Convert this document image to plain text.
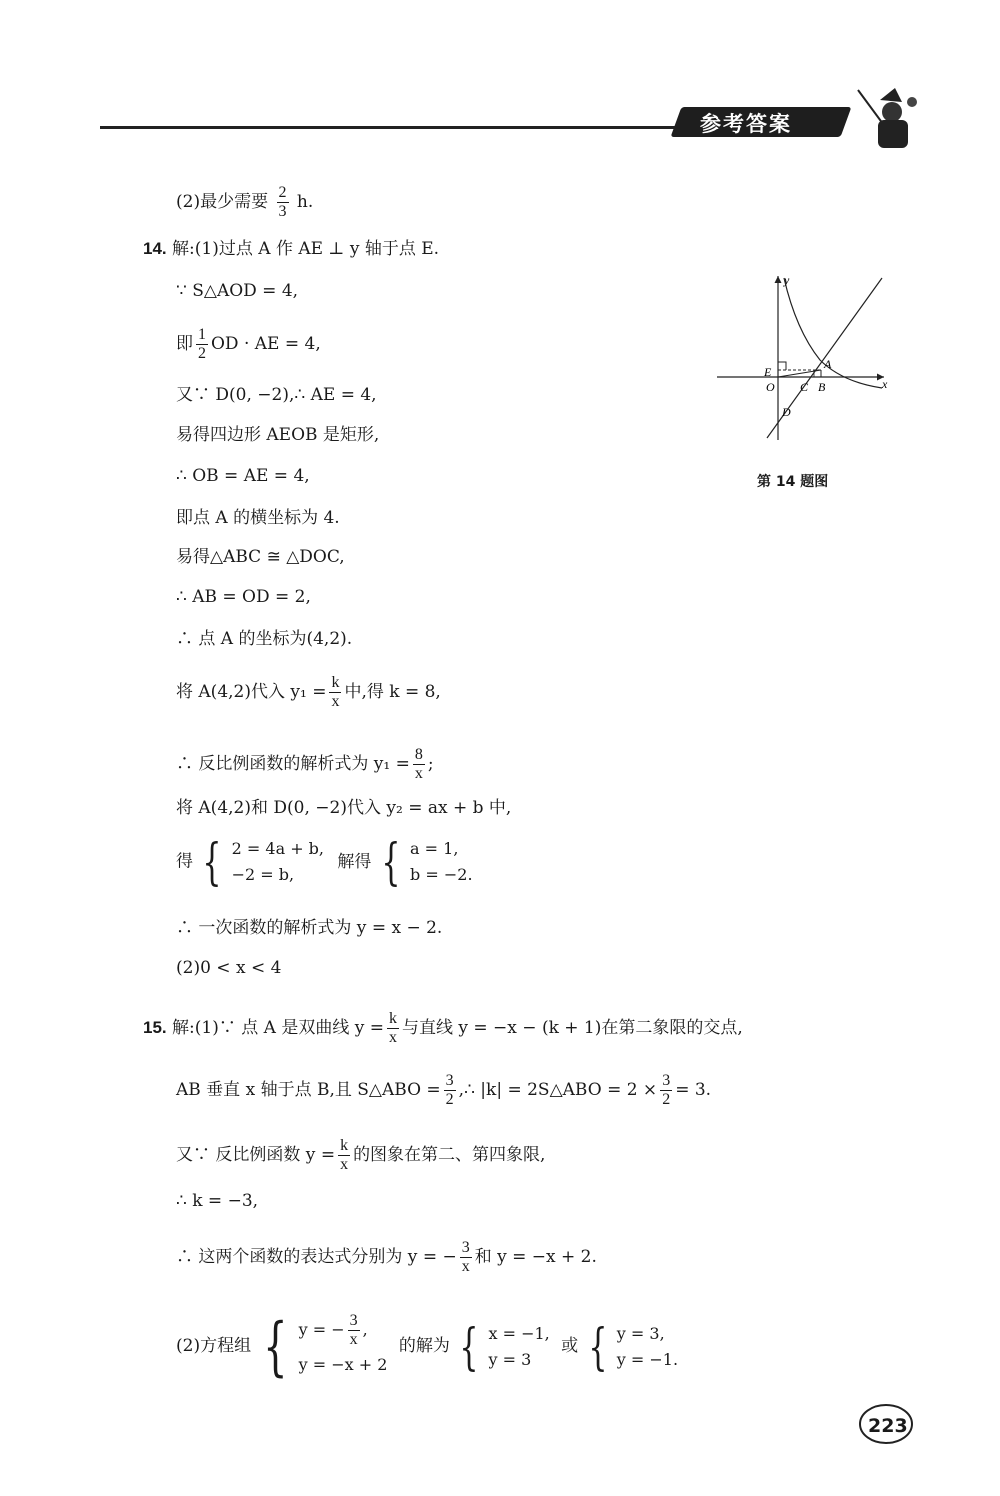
参考答案
(2)最少需要 $\frac{2}{3} h$.
14. 解:(1)过点 A 作 AE ⊥ y 轴于点 E.
∵ S△AOD = 4,
即 $\frac{1}{2}$ OD · AE = 4,
又∵ D(0, −2),∴ AE = 4,
易得四边形 AEOB 是矩形,
∴ OB = AE = 4,
即点 A 的横坐标为 4.
易得△ABC ≅ △DOC,
∴ AB = OD = 2,
∴ 点 A 的坐标为(4,2).
将 A(4,2)代入 $y_1 = \frac{k}{x}$ 中,得 k = 8,
∴ 反比例函数的解析式为 $y_1 = \frac{8}{x}$ ;
将 A(4,2)和 D(0, −2)代入 y₂ = ax + b 中,
得 { 2 = 4a + b,
−2 = b,
解得 { a = 1,
b = −2.
∴ 一次函数的解析式为 y = x − 2.
(2)0 < x < 4
y
x
E
A
O C B
D
第 14 题图
15. 解:(1)∵ 点 A 是双曲线 $y = \frac{k}{x}$ 与直线 y = −x − (k + 1)在第二象限的交点,
AB 垂直 x 轴于点 B,且 S△ABO = $\frac{3}{2}$ ,∴ |k| = 2S△ABO = $2 \times \frac{3}{2} = 3$.
又∵ 反比例函数 $y = \frac{k}{x}$ 的图象在第二、第四象限,
∴ k = −3,
∴ 这两个函数的表达式分别为 y = − $\frac{3}{x}$ 和 y = −x + 2.
(2)方程组 { y = − $\frac{3}{x}$ ,
y = −x + 2
的解为 { x = −1,
y = 3
或 { y = 3,
y = −1.
223
